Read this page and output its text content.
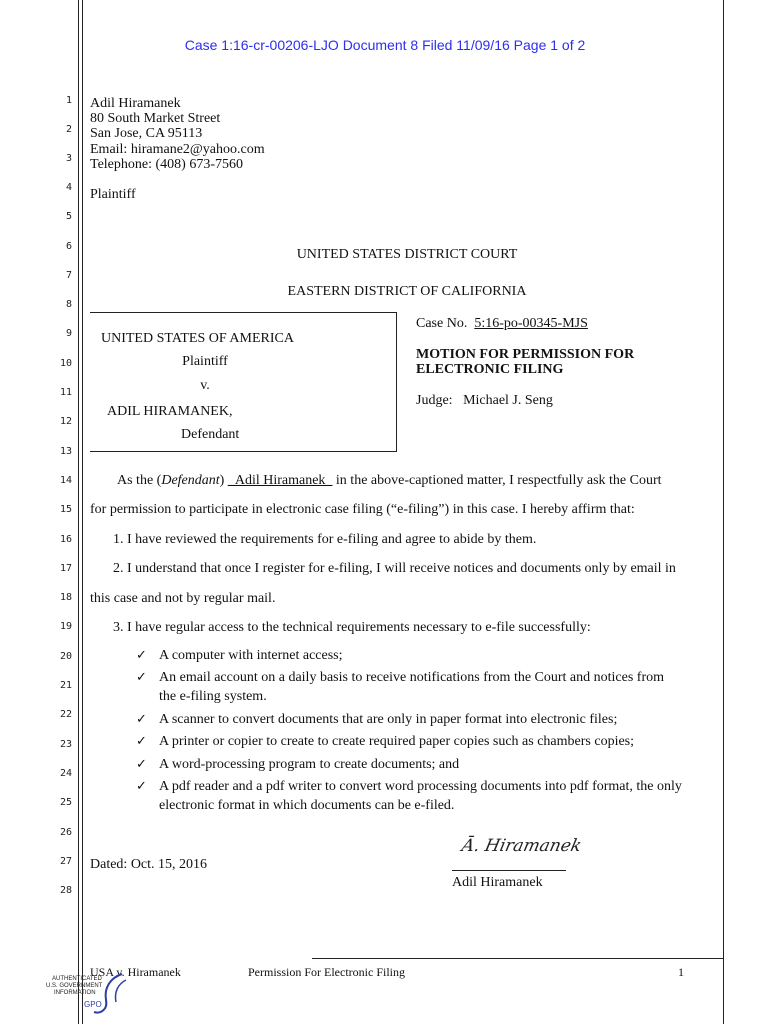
Case 1:16-cr-00206-LJO Document 8 Filed 11/09/16 Page 1 of 2
1
2
3
4
5
6
7
8
9
10
11
12
13
14
15
16
17
18
19
20
21
22
23
24
25
26
27
28
Adil Hiramanek
80 South Market Street
San Jose, CA 95113
Email: hiramane2@yahoo.com
Telephone: (408) 673-7560
Plaintiff
UNITED STATES DISTRICT COURT
EASTERN DISTRICT OF CALIFORNIA
UNITED STATES OF AMERICA
Plaintiff
v.
ADIL HIRAMANEK,
Defendant
Case No. 5:16-po-00345-MJS
MOTION FOR PERMISSION FOR
ELECTRONIC FILING
Judge: Michael J. Seng
As the (Defendant) _Adil Hiramanek_ in the above-captioned matter, I respectfully ask the Court
for permission to participate in electronic case filing (“e-filing”) in this case. I hereby affirm that:
1. I have reviewed the requirements for e-filing and agree to abide by them.
2. I understand that once I register for e-filing, I will receive notices and documents only by email in
this case and not by regular mail.
3. I have regular access to the technical requirements necessary to e-file successfully:
✓ A computer with internet access;
✓ An email account on a daily basis to receive notifications from the Court and notices from
the e-filing system.
✓ A scanner to convert documents that are only in paper format into electronic files;
✓ A printer or copier to create to create required paper copies such as chambers copies;
✓ A word-processing program to create documents; and
✓ A pdf reader and a pdf writer to convert word processing documents into pdf format, the only
electronic format in which documents can be e-filed.
Dated: Oct. 15, 2016
Ā. Hiramanek
Adil Hiramanek
USA v. Hiramanek	Permission For Electronic Filing	1
AUTHENTICATED
U.S. GOVERNMENT
INFORMATION
GPO
